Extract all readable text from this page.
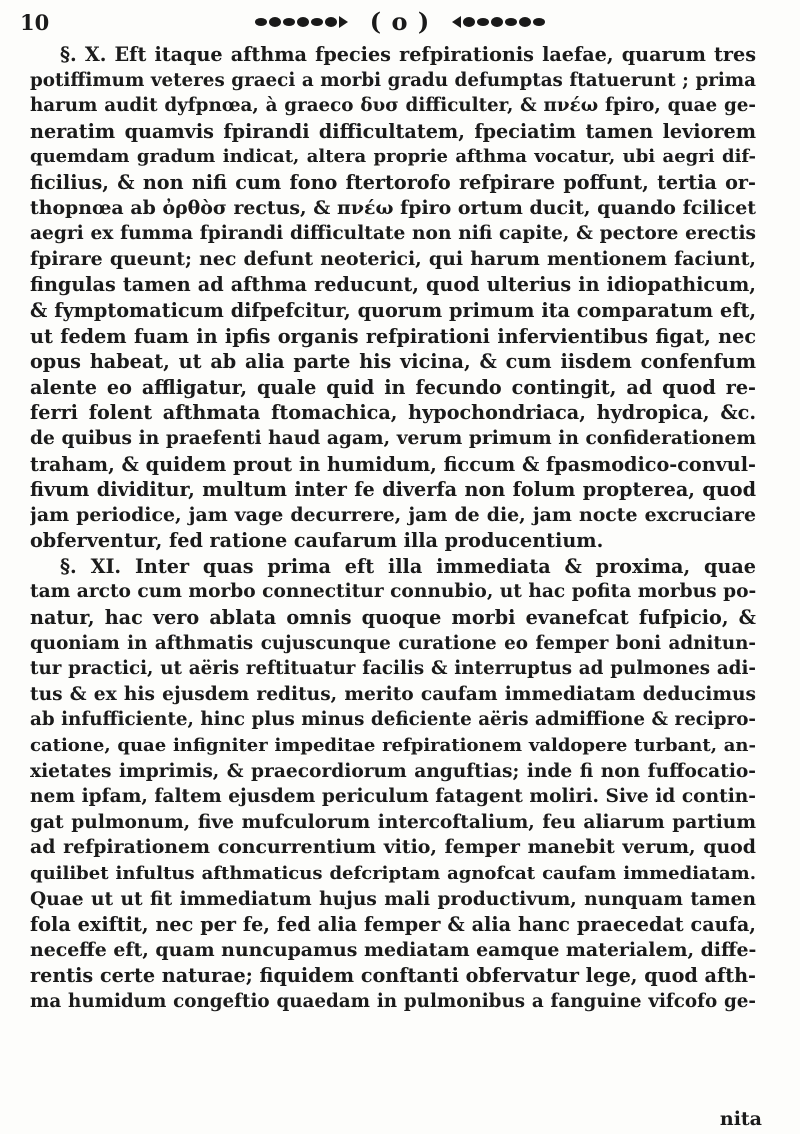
10	( o )

§. X. Eft itaque afthma fpecies refpirationis laefae, quarum tres

potiffimum veteres graeci a morbi gradu defumptas ftatuerunt ; prima

harum audit dyfpnœa, à graeco δυσ difficulter, & πνέω fpiro, quae ge-

neratim quamvis fpirandi difficultatem, fpeciatim tamen leviorem

quemdam gradum indicat, altera proprie afthma vocatur, ubi aegri dif-

ficilius, & non nifi cum fono ftertorofo refpirare poffunt, tertia or-

thopnœa ab ὀρθὸσ rectus, & πνέω fpiro ortum ducit, quando fcilicet

aegri ex fumma fpirandi difficultate non nifi capite, & pectore erectis

fpirare queunt; nec defunt neoterici, qui harum mentionem faciunt,

fingulas tamen ad afthma reducunt, quod ulterius in idiopathicum,

& fymptomaticum difpefcitur, quorum primum ita comparatum eft,

ut fedem fuam in ipfis organis refpirationi infervientibus figat, nec

opus habeat, ut ab alia parte his vicina, & cum iisdem confenfum

alente eo affligatur, quale quid in fecundo contingit, ad quod re-

ferri folent afthmata ftomachica, hypochondriaca, hydropica, &c.

de quibus in praefenti haud agam, verum primum in confiderationem

traham, & quidem prout in humidum, ficcum & fpasmodico-convul-

fivum dividitur, multum inter fe diverfa non folum propterea, quod

jam periodice, jam vage decurrere, jam de die, jam nocte excruciare

obferventur, fed ratione caufarum illa producentium.

§. XI. Inter quas prima eft illa immediata & proxima, quae

tam arcto cum morbo connectitur connubio, ut hac pofita morbus po-

natur, hac vero ablata omnis quoque morbi evanefcat fufpicio, &

quoniam in afthmatis cujuscunque curatione eo femper boni adnitun-

tur practici, ut aëris reftituatur facilis & interruptus ad pulmones adi-

tus & ex his ejusdem reditus, merito caufam immediatam deducimus

ab infufficiente, hinc plus minus deficiente aëris admiffione & recipro-

catione, quae infigniter impeditae refpirationem valdopere turbant, an-

xietates imprimis, & praecordiorum anguftias; inde fi non fuffocatio-

nem ipfam, faltem ejusdem periculum fatagent moliri. Sive id contin-

gat pulmonum, five mufculorum intercoftalium, feu aliarum partium

ad refpirationem concurrentium vitio, femper manebit verum, quod

quilibet infultus afthmaticus defcriptam agnofcat caufam immediatam.

Quae ut ut fit immediatum hujus mali productivum, nunquam tamen

fola exiftit, nec per fe, fed alia femper & alia hanc praecedat caufa,

neceffe eft, quam nuncupamus mediatam eamque materialem, diffe-

rentis certe naturae; fiquidem conftanti obfervatur lege, quod afth-

ma humidum congeftio quaedam in pulmonibus a fanguine vifcofo ge-

nita
